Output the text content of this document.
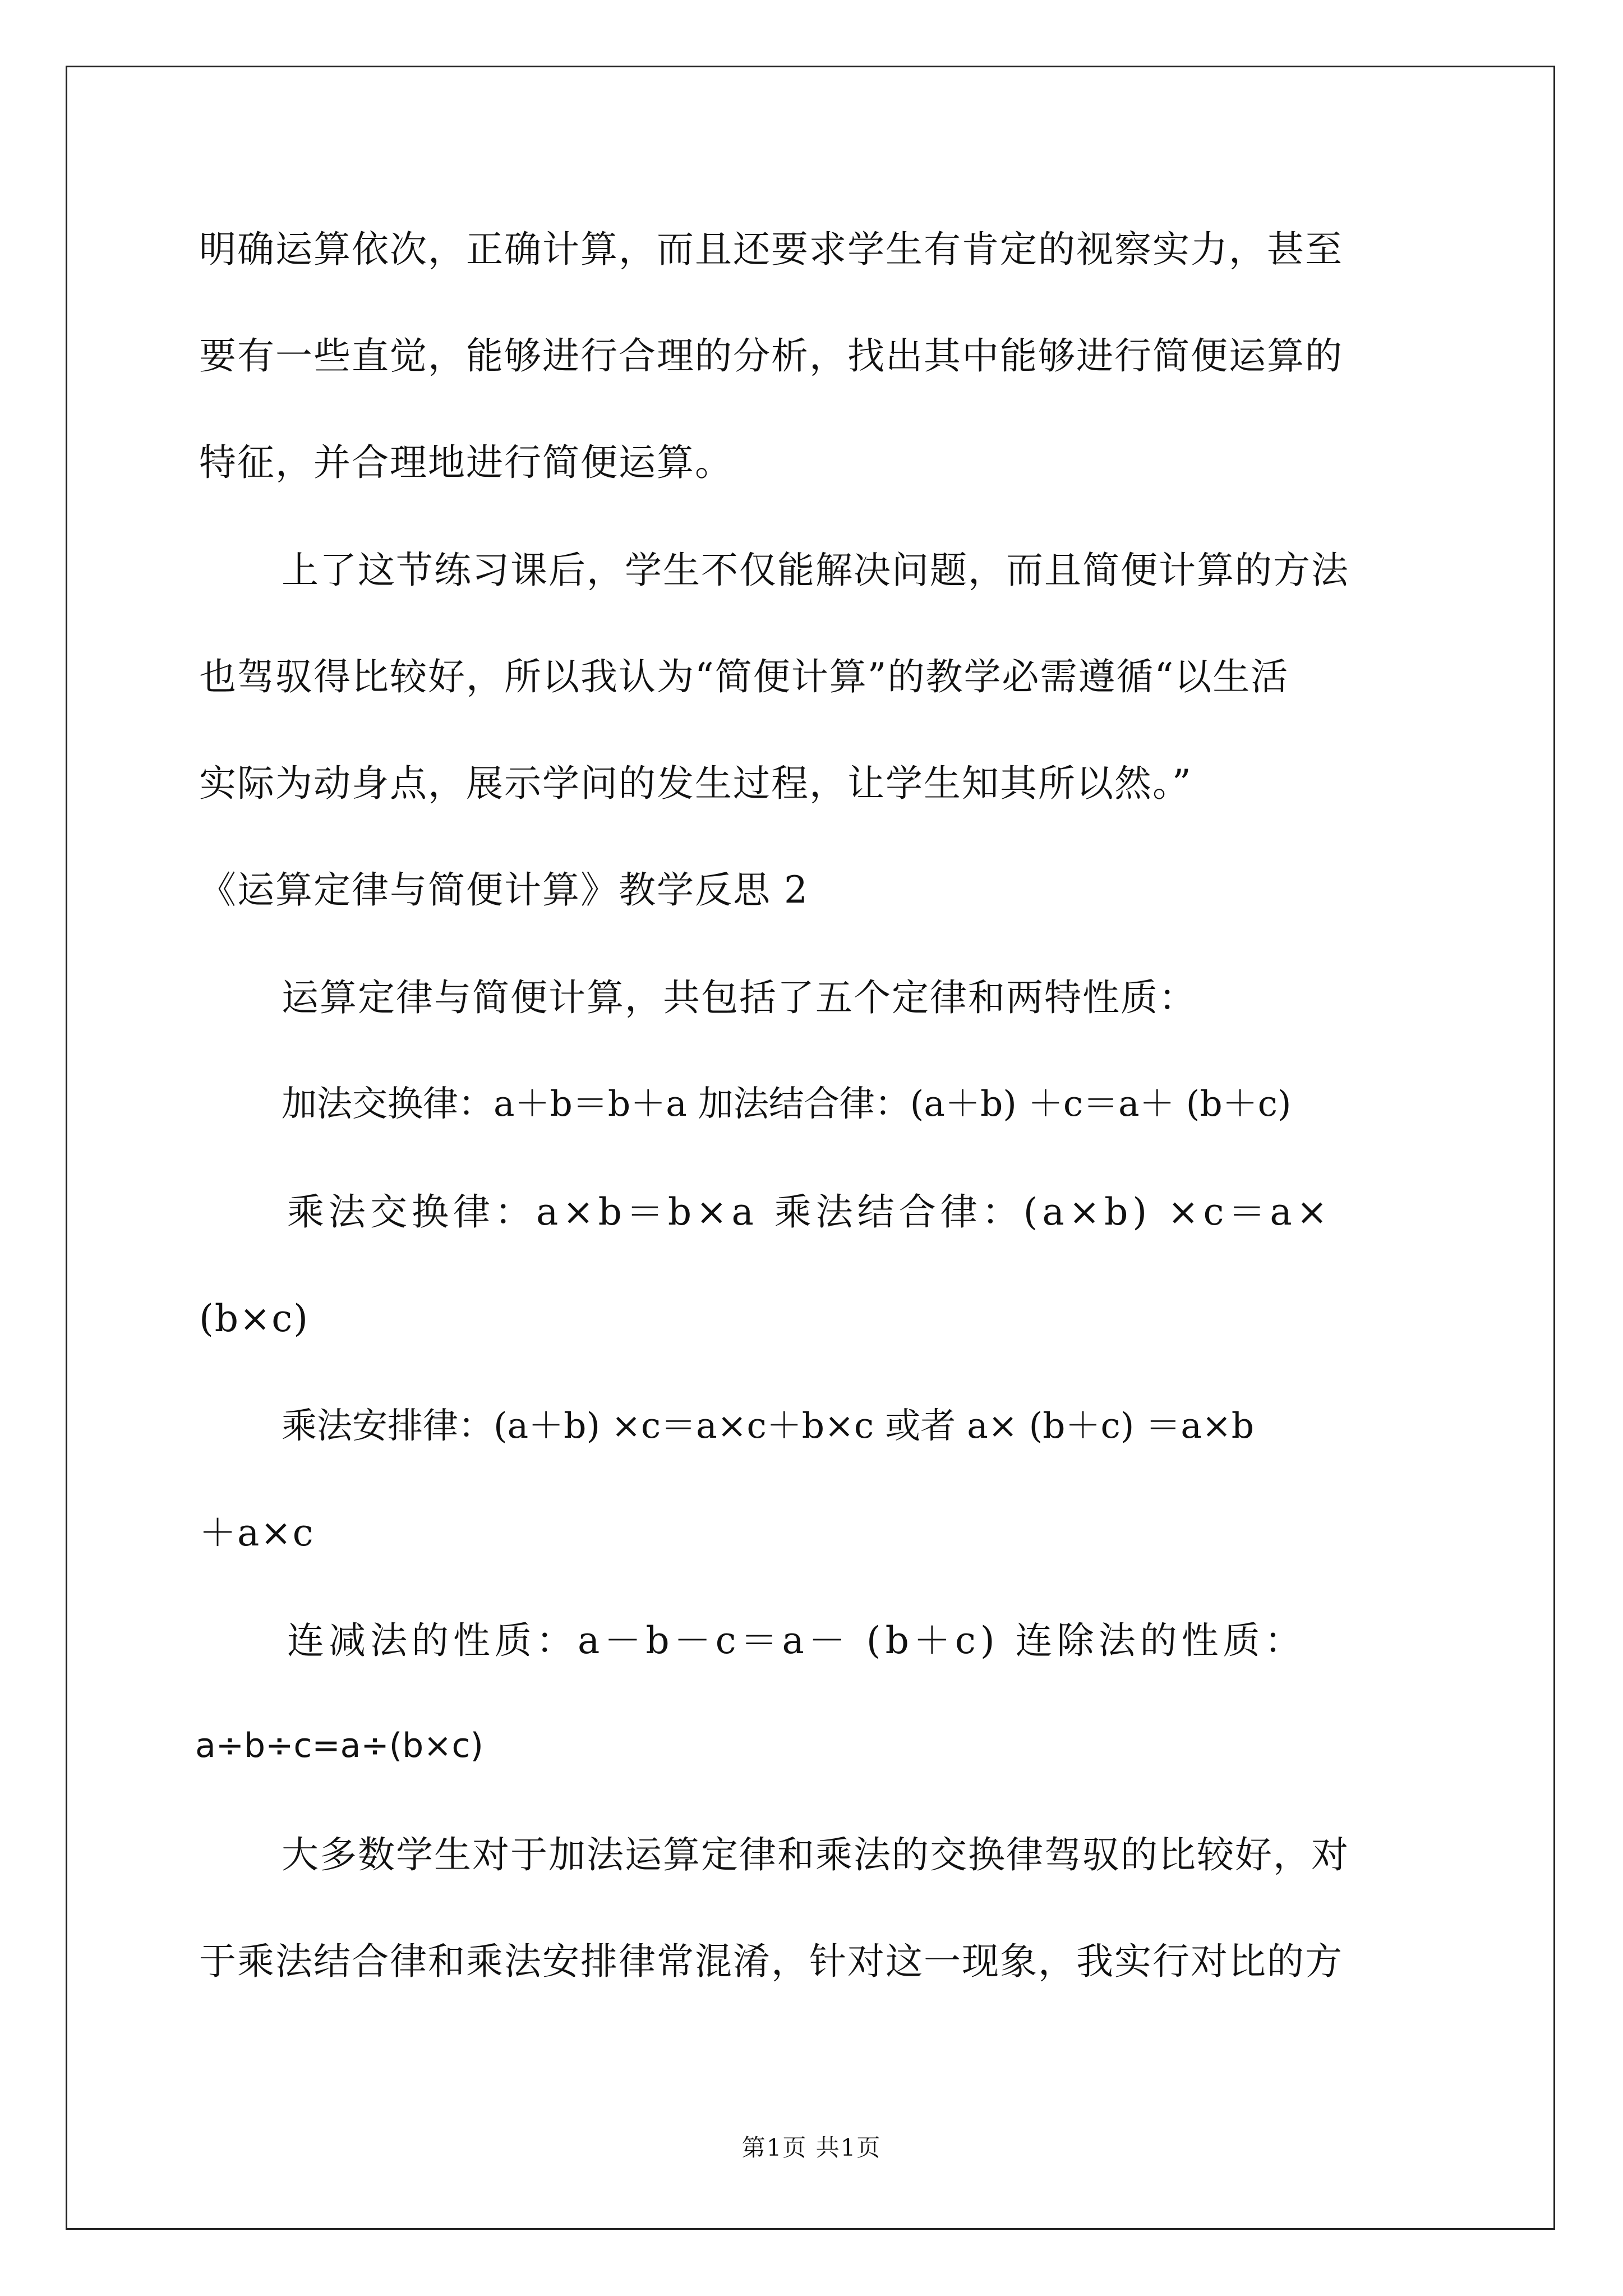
明确运算依次，正确计算，而且还要求学生有肯定的视察实力，甚至
要有一些直觉，能够进行合理的分析，找出其中能够进行简便运算的
特征，并合理地进行简便运算。
上了这节练习课后，学生不仅能解决问题，而且简便计算的方法
也驾驭得比较好，所以我认为“简便计算”的教学必需遵循“以生活
实际为动身点，展示学问的发生过程，让学生知其所以然。”
《运算定律与简便计算》教学反思 2
运算定律与简便计算，共包括了五个定律和两特性质：
加法交换律：a＋b＝b＋a 加法结合律：(a＋b) ＋c＝a＋ (b＋c)
乘法交换律：a×b＝b×a 乘法结合律：(a×b) ×c＝a×
(b×c)
乘法安排律：(a＋b) ×c＝a×c＋b×c 或者 a× (b＋c) ＝a×b
＋a×c
连减法的性质：a－b－c＝a－ (b＋c) 连除法的性质：
a÷b÷c=a÷(b×c)
大多数学生对于加法运算定律和乘法的交换律驾驭的比较好，对
于乘法结合律和乘法安排律常混淆，针对这一现象，我实行对比的方
第1页 共1页
